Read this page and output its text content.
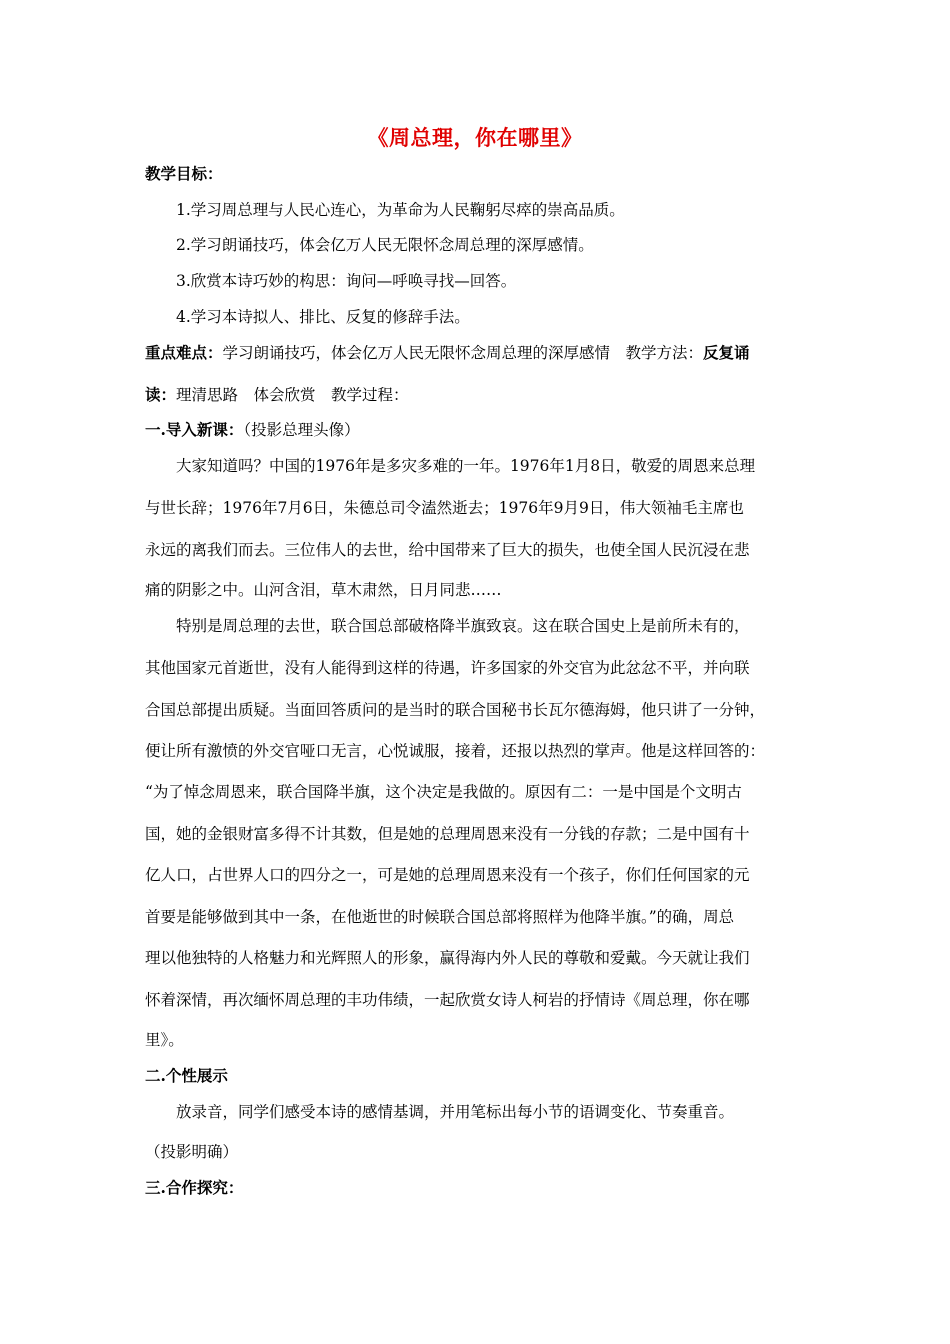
《周总理，你在哪里》
教学目标：
1.学习周总理与人民心连心，为革命为人民鞠躬尽瘁的崇高品质。
2.学习朗诵技巧，体会亿万人民无限怀念周总理的深厚感情。
3.欣赏本诗巧妙的构思：询问—呼唤寻找—回答。
4.学习本诗拟人、排比、反复的修辞手法。
重点难点：学习朗诵技巧，体会亿万人民无限怀念周总理的深厚感情　教学方法：反复诵
读：理清思路　体会欣赏　教学过程：
一.导入新课：（投影总理头像）
大家知道吗？中国的1976年是多灾多难的一年。1976年1月8日，敬爱的周恩来总理
与世长辞；1976年7月6日，朱德总司令溘然逝去；1976年9月9日，伟大领袖毛主席也
永远的离我们而去。三位伟人的去世，给中国带来了巨大的损失，也使全国人民沉浸在悲
痛的阴影之中。山河含泪，草木肃然，日月同悲……
特别是周总理的去世，联合国总部破格降半旗致哀。这在联合国史上是前所未有的，
其他国家元首逝世，没有人能得到这样的待遇，许多国家的外交官为此忿忿不平，并向联
合国总部提出质疑。当面回答质问的是当时的联合国秘书长瓦尔德海姆，他只讲了一分钟，
便让所有激愤的外交官哑口无言，心悦诚服，接着，还报以热烈的掌声。他是这样回答的：
“为了悼念周恩来，联合国降半旗，这个决定是我做的。原因有二：一是中国是个文明古
国，她的金银财富多得不计其数，但是她的总理周恩来没有一分钱的存款；二是中国有十
亿人口，占世界人口的四分之一，可是她的总理周恩来没有一个孩子，你们任何国家的元
首要是能够做到其中一条，在他逝世的时候联合国总部将照样为他降半旗。”的确，周总
理以他独特的人格魅力和光辉照人的形象，赢得海内外人民的尊敬和爱戴。今天就让我们
怀着深情，再次缅怀周总理的丰功伟绩，一起欣赏女诗人柯岩的抒情诗《周总理，你在哪
里》。
二.个性展示
放录音，同学们感受本诗的感情基调，并用笔标出每小节的语调变化、节奏重音。
（投影明确）
三.合作探究：
